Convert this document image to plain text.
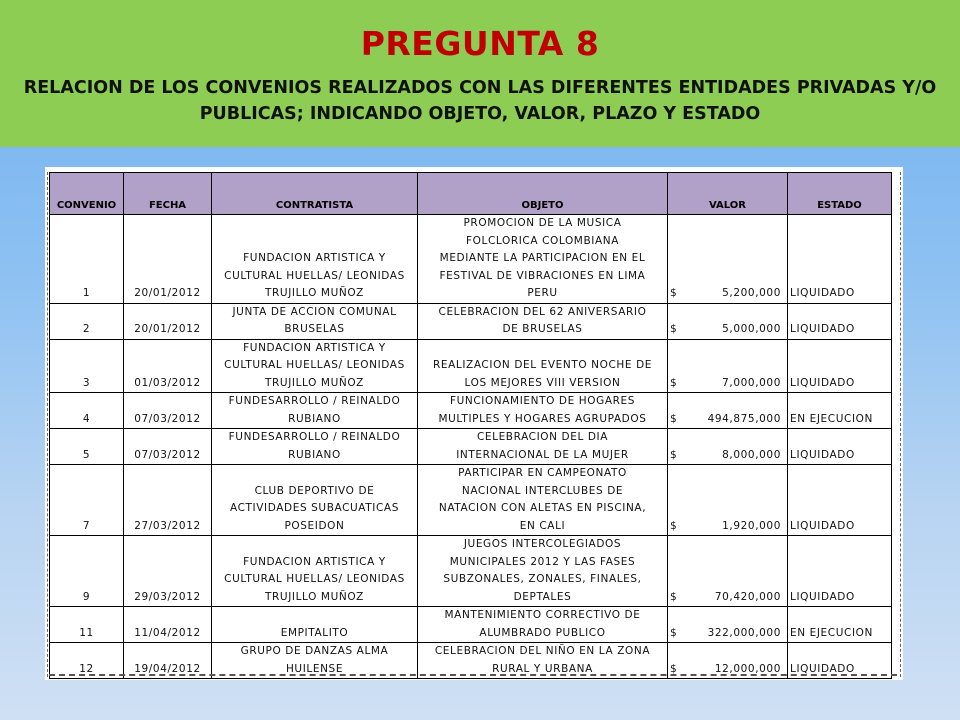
PREGUNTA 8
RELACION DE LOS CONVENIOS REALIZADOS CON LAS DIFERENTES ENTIDADES PRIVADAS Y/O PUBLICAS; INDICANDO OBJETO, VALOR, PLAZO Y ESTADO
CONVENIO	FECHA	CONTRATISTA	OBJETO	VALOR	ESTADO
1	20/01/2012	FUNDACION ARTISTICA Y
CULTURAL HUELLAS/ LEONIDAS
TRUJILLO MUÑOZ	PROMOCION DE LA MUSICA
FOLCLORICA COLOMBIANA
MEDIANTE LA PARTICIPACION EN EL
FESTIVAL DE VIBRACIONES EN LIMA
PERU	$ 5,200,000	LIQUIDADO
2	20/01/2012	JUNTA DE ACCION COMUNAL
BRUSELAS	CELEBRACION DEL 62 ANIVERSARIO
DE BRUSELAS	$ 5,000,000	LIQUIDADO
3	01/03/2012	FUNDACION ARTISTICA Y
CULTURAL HUELLAS/ LEONIDAS
TRUJILLO MUÑOZ	REALIZACION DEL EVENTO NOCHE DE
LOS MEJORES VIII VERSION	$ 7,000,000	LIQUIDADO
4	07/03/2012	FUNDESARROLLO / REINALDO
RUBIANO	FUNCIONAMIENTO DE HOGARES
MULTIPLES Y HOGARES AGRUPADOS	$ 494,875,000	EN EJECUCION
5	07/03/2012	FUNDESARROLLO / REINALDO
RUBIANO	CELEBRACION DEL DIA
INTERNACIONAL DE LA MUJER	$ 8,000,000	LIQUIDADO
7	27/03/2012	CLUB DEPORTIVO DE
ACTIVIDADES SUBACUATICAS
POSEIDON	PARTICIPAR EN CAMPEONATO
NACIONAL INTERCLUBES DE
NATACION CON ALETAS EN PISCINA,
EN CALI	$ 1,920,000	LIQUIDADO
9	29/03/2012	FUNDACION ARTISTICA Y
CULTURAL HUELLAS/ LEONIDAS
TRUJILLO MUÑOZ	JUEGOS INTERCOLEGIADOS
MUNICIPALES 2012 Y LAS FASES
SUBZONALES, ZONALES, FINALES,
DEPTALES	$ 70,420,000	LIQUIDADO
11	11/04/2012	EMPITALITO	MANTENIMIENTO CORRECTIVO DE
ALUMBRADO PUBLICO	$ 322,000,000	EN EJECUCION
12	19/04/2012	GRUPO DE DANZAS ALMA
HUILENSE	CELEBRACION DEL NIÑO EN LA ZONA
RURAL Y URBANA	$ 12,000,000	LIQUIDADO
